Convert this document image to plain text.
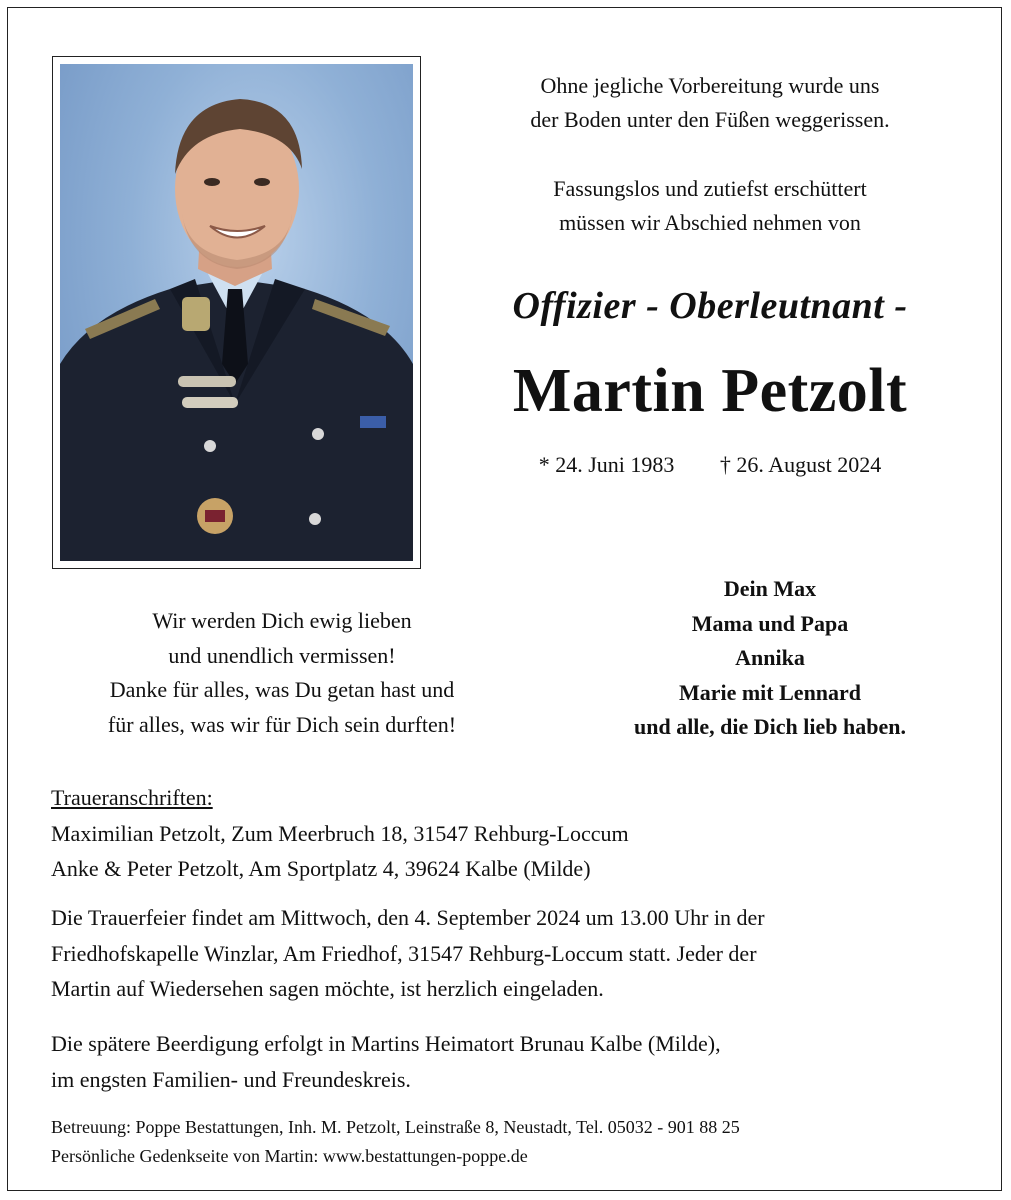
Ohne jegliche Vorbereitung wurde uns

der Boden unter den Füßen weggerissen.

Fassungslos und zutiefst erschüttert

müssen wir Abschied nehmen von

Offizier - Oberleutnant -
Martin Petzolt
* 24. Juni 1983 † 26. August 2024

Wir werden Dich ewig lieben

und unendlich vermissen!

Danke für alles, was Du getan hast und

für alles, was wir für Dich sein durften!

Dein Max

Mama und Papa

Annika

Marie mit Lennard

und alle, die Dich lieb haben.

Traueranschriften:

Maximilian Petzolt, Zum Meerbruch 18, 31547 Rehburg-Loccum

Anke & Peter Petzolt, Am Sportplatz 4, 39624 Kalbe (Milde)

Die Trauerfeier findet am Mittwoch, den 4. September 2024 um 13.00 Uhr in der

Friedhofskapelle Winzlar, Am Friedhof, 31547 Rehburg-Loccum statt. Jeder der

Martin auf Wiedersehen sagen möchte, ist herzlich eingeladen.

Die spätere Beerdigung erfolgt in Martins Heimatort Brunau Kalbe (Milde),

im engsten Familien- und Freundeskreis.

Betreuung: Poppe Bestattungen, Inh. M. Petzolt, Leinstraße 8, Neustadt, Tel. 05032 - 901 88 25

Persönliche Gedenkseite von Martin: www.bestattungen-poppe.de
